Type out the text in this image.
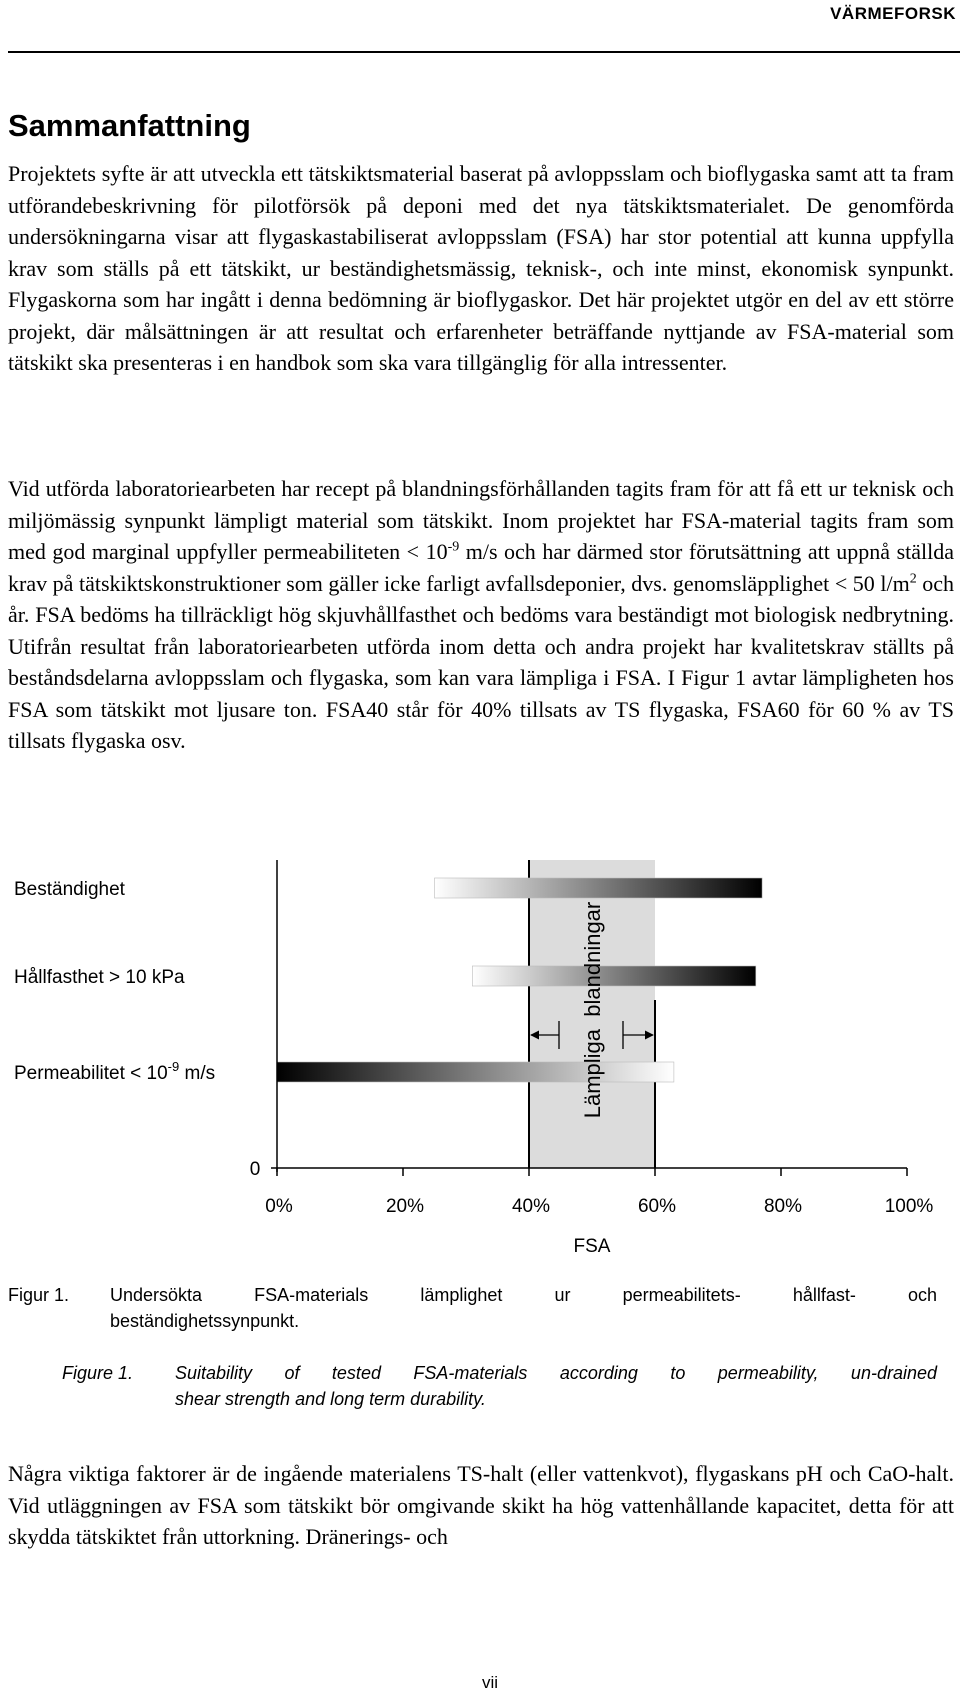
VÄRMEFORSK
Sammanfattning

Projektets syfte är att utveckla ett tätskiktsmaterial baserat på avloppsslam och bioflygaska samt att ta fram utförandebeskrivning för pilotförsök på deponi med det nya tätskiktsmaterialet. De genomförda undersökningarna visar att flygaskastabiliserat avloppsslam (FSA) har stor potential att kunna uppfylla krav som ställs på ett tätskikt, ur beständighetsmässig, teknisk-, och inte minst, ekonomisk synpunkt. Flygaskorna som har ingått i denna bedömning är bioflygaskor. Det här projektet utgör en del av ett större projekt, där målsättningen är att resultat och erfarenheter beträffande nyttjande av FSA-material som tätskikt ska presenteras i en handbok som ska vara tillgänglig för alla intressenter.

Vid utförda laboratoriearbeten har recept på blandningsförhållanden tagits fram för att få ett ur teknisk och miljömässig synpunkt lämpligt material som tätskikt. Inom projektet har FSA-material tagits fram som med god marginal uppfyller permeabiliteten < $10^{-9}$ m/s och har därmed stor förutsättning att uppnå ställda krav på tätskiktskonstruktioner som gäller icke farligt avfallsdeponier, dvs. genomsläpplighet < 50 $l/m^2$ och år. FSA bedöms ha tillräckligt hög skjuvhållfasthet och bedöms vara beständigt mot biologisk nedbrytning. Utifrån resultat från laboratoriearbeten utförda inom detta och andra projekt har kvalitetskrav ställts på beståndsdelarna avloppsslam och flygaska, som kan vara lämpliga i FSA. I Figur 1 avtar lämpligheten hos FSA som tätskikt mot ljusare ton. FSA40 står för 40% tillsats av TS flygaska, FSA60 för 60 % av TS tillsats flygaska osv.

Beständighet
Hållfasthet > 10 kPa
Permeabilitet < $10^{-9}$ m/s
0%	20%	40%	60%	80%	100%
0
FSA
Lämpliga  blandningar
Figur 1. Undersökta FSA-materials lämplighet ur permeabilitets- hållfast- och
beständighetssynpunkt.
Figure 1. Suitability of tested FSA-materials according to permeability, un-drained
shear strength and long term durability.

Några viktiga faktorer är de ingående materialens TS-halt (eller vattenkvot), flygaskans pH och CaO-halt. Vid utläggningen av FSA som tätskikt bör omgivande skikt ha hög vattenhållande kapacitet, detta för att skydda tätskiktet från uttorkning. Dränerings- och

vii
